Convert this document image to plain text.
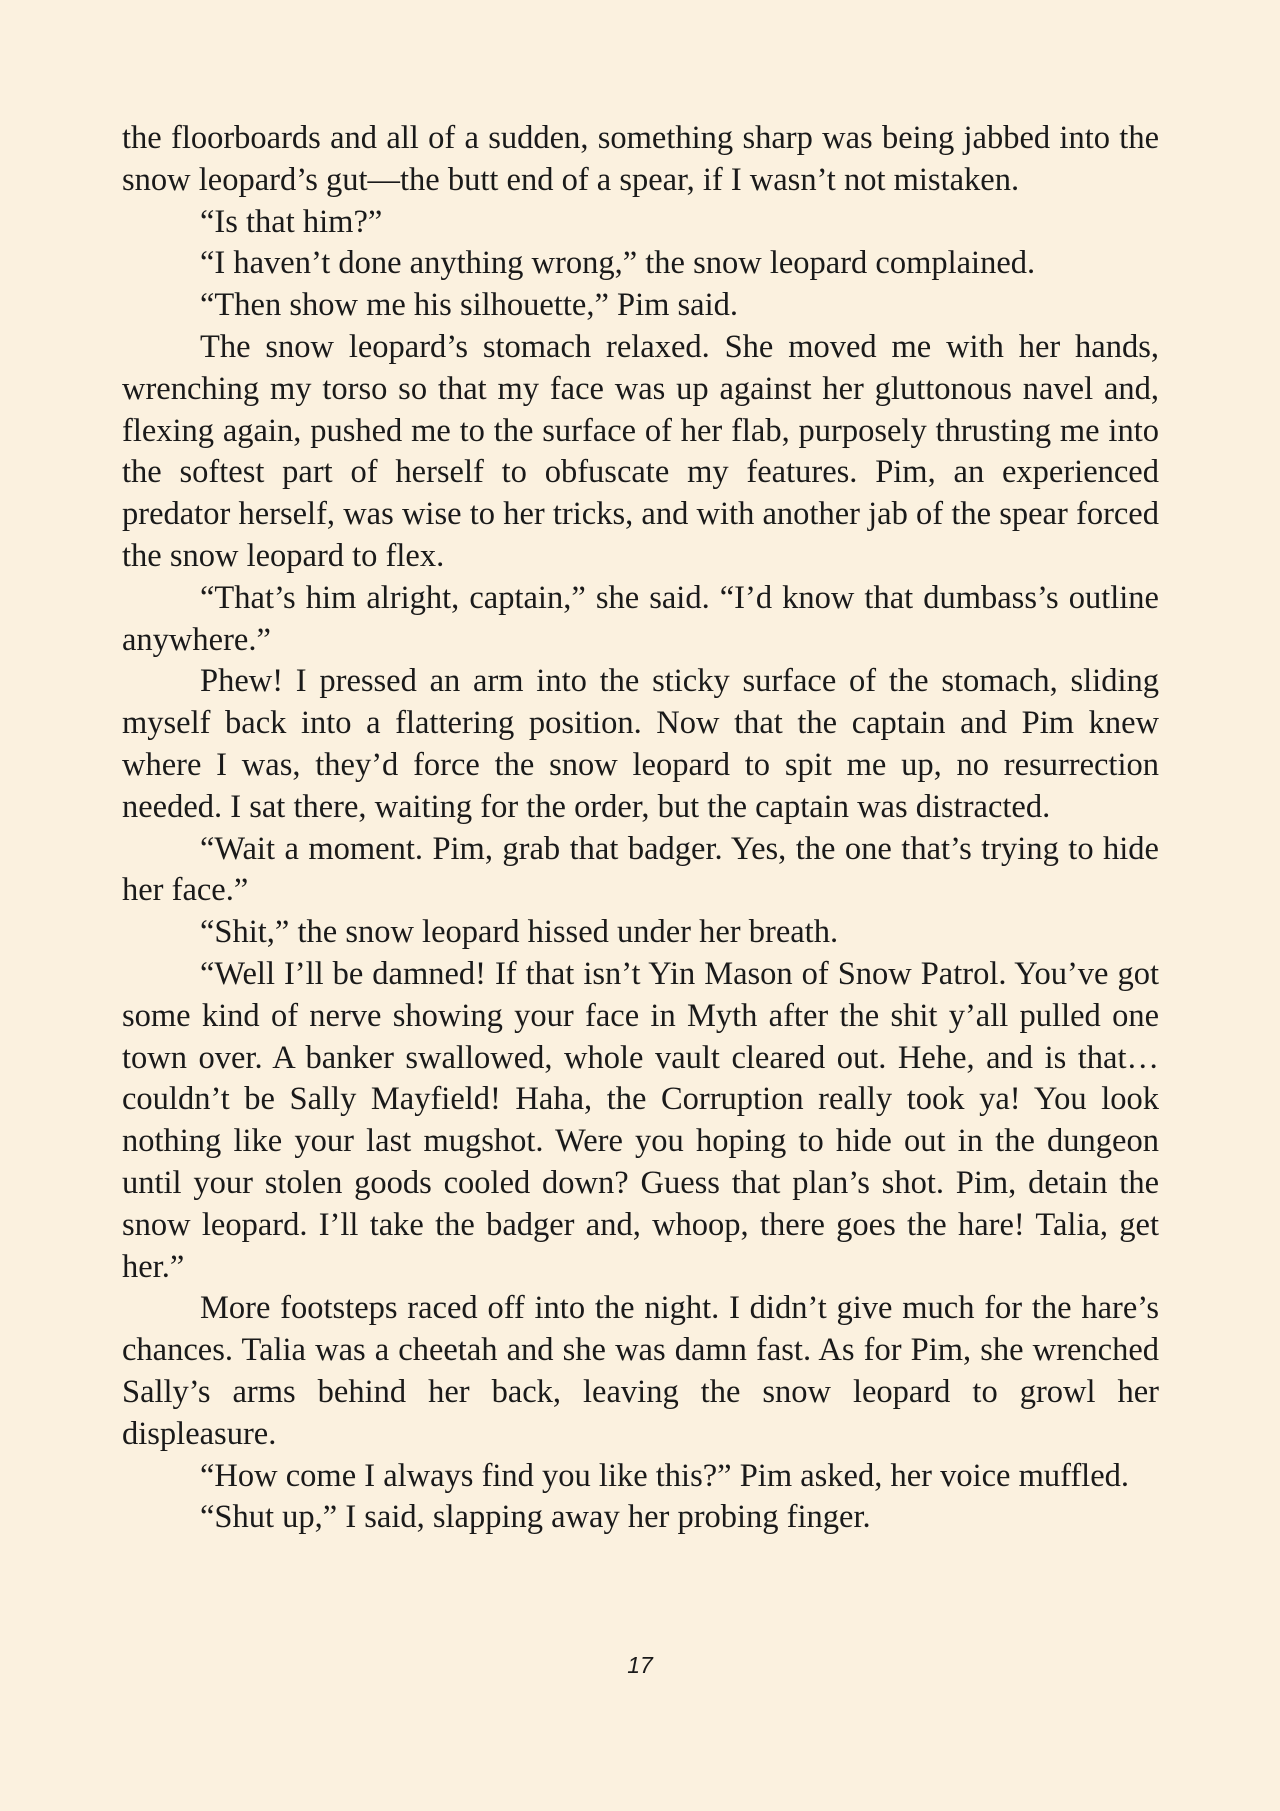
the floorboards and all of a sudden, something sharp was being jabbed into the snow leopard’s gut—the butt end of a spear, if I wasn’t not mistaken.

“Is that him?”

“I haven’t done anything wrong,” the snow leopard complained.

“Then show me his silhouette,” Pim said.

The snow leopard’s stomach relaxed. She moved me with her hands, wrenching my torso so that my face was up against her gluttonous navel and, flexing again, pushed me to the surface of her flab, purposely thrusting me into the softest part of herself to obfuscate my features. Pim, an experienced predator herself, was wise to her tricks, and with another jab of the spear forced the snow leopard to flex.

“That’s him alright, captain,” she said. “I’d know that dumbass’s outline anywhere.”

Phew! I pressed an arm into the sticky surface of the stomach, sliding myself back into a flattering position. Now that the captain and Pim knew where I was, they’d force the snow leopard to spit me up, no resurrection needed. I sat there, waiting for the order, but the captain was distracted.

“Wait a moment. Pim, grab that badger. Yes, the one that’s trying to hide her face.”

“Shit,” the snow leopard hissed under her breath.

“Well I’ll be damned! If that isn’t Yin Mason of Snow Patrol. You’ve got some kind of nerve showing your face in Myth after the shit y’all pulled one town over. A banker swallowed, whole vault cleared out. Hehe, and is that…couldn’t be Sally Mayfield! Haha, the Corruption really took ya! You look nothing like your last mugshot. Were you hoping to hide out in the dungeon until your stolen goods cooled down? Guess that plan’s shot. Pim, detain the snow leopard. I’ll take the badger and, whoop, there goes the hare! Talia, get her.”

More footsteps raced off into the night. I didn’t give much for the hare’s chances. Talia was a cheetah and she was damn fast. As for Pim, she wrenched Sally’s arms behind her back, leaving the snow leopard to growl her displeasure.

“How come I always find you like this?” Pim asked, her voice muffled.

“Shut up,” I said, slapping away her probing finger.

17
